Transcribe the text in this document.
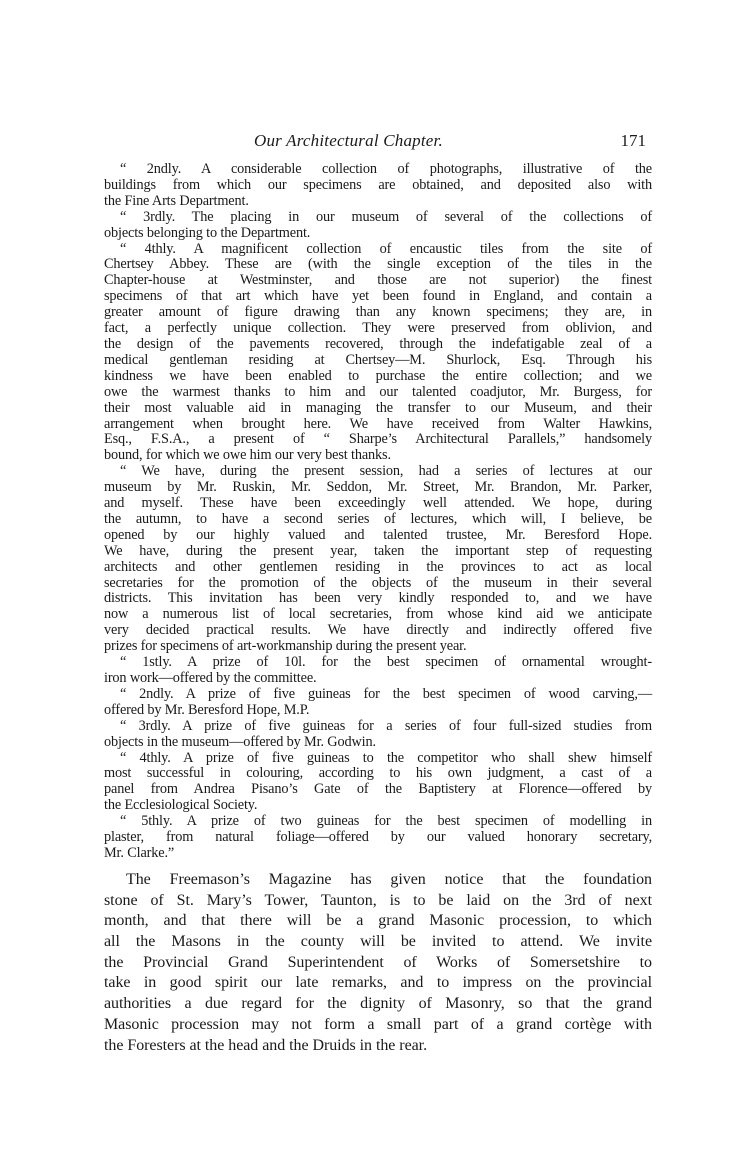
Our Architectural Chapter.	171
“ 2ndly. A considerable collection of photographs, illustrative of the
buildings from which our specimens are obtained, and deposited also with
the Fine Arts Department.
“ 3rdly. The placing in our museum of several of the collections of
objects belonging to the Department.
“ 4thly. A magnificent collection of encaustic tiles from the site of
Chertsey Abbey. These are (with the single exception of the tiles in the
Chapter-house at Westminster, and those are not superior) the finest
specimens of that art which have yet been found in England, and contain a
greater amount of figure drawing than any known specimens; they are, in
fact, a perfectly unique collection. They were preserved from oblivion, and
the design of the pavements recovered, through the indefatigable zeal of a
medical gentleman residing at Chertsey—M. Shurlock, Esq. Through his
kindness we have been enabled to purchase the entire collection; and we
owe the warmest thanks to him and our talented coadjutor, Mr. Burgess, for
their most valuable aid in managing the transfer to our Museum, and their
arrangement when brought here. We have received from Walter Hawkins,
Esq., F.S.A., a present of “ Sharpe’s Architectural Parallels,” handsomely
bound, for which we owe him our very best thanks.
“ We have, during the present session, had a series of lectures at our
museum by Mr. Ruskin, Mr. Seddon, Mr. Street, Mr. Brandon, Mr. Parker,
and myself. These have been exceedingly well attended. We hope, during
the autumn, to have a second series of lectures, which will, I believe, be
opened by our highly valued and talented trustee, Mr. Beresford Hope.
We have, during the present year, taken the important step of requesting
architects and other gentlemen residing in the provinces to act as local
secretaries for the promotion of the objects of the museum in their several
districts. This invitation has been very kindly responded to, and we have
now a numerous list of local secretaries, from whose kind aid we anticipate
very decided practical results. We have directly and indirectly offered five
prizes for specimens of art-workmanship during the present year.
“ 1stly. A prize of 10l. for the best specimen of ornamental wrought-
iron work—offered by the committee.
“ 2ndly. A prize of five guineas for the best specimen of wood carving,—
offered by Mr. Beresford Hope, M.P.
“ 3rdly. A prize of five guineas for a series of four full-sized studies from
objects in the museum—offered by Mr. Godwin.
“ 4thly. A prize of five guineas to the competitor who shall shew himself
most successful in colouring, according to his own judgment, a cast of a
panel from Andrea Pisano’s Gate of the Baptistery at Florence—offered by
the Ecclesiological Society.
“ 5thly. A prize of two guineas for the best specimen of modelling in
plaster, from natural foliage—offered by our valued honorary secretary,
Mr. Clarke.”
The Freemason’s Magazine has given notice that the foundation
stone of St. Mary’s Tower, Taunton, is to be laid on the 3rd of next
month, and that there will be a grand Masonic procession, to which
all the Masons in the county will be invited to attend. We invite
the Provincial Grand Superintendent of Works of Somersetshire to
take in good spirit our late remarks, and to impress on the provincial
authorities a due regard for the dignity of Masonry, so that the grand
Masonic procession may not form a small part of a grand cortège with
the Foresters at the head and the Druids in the rear.
